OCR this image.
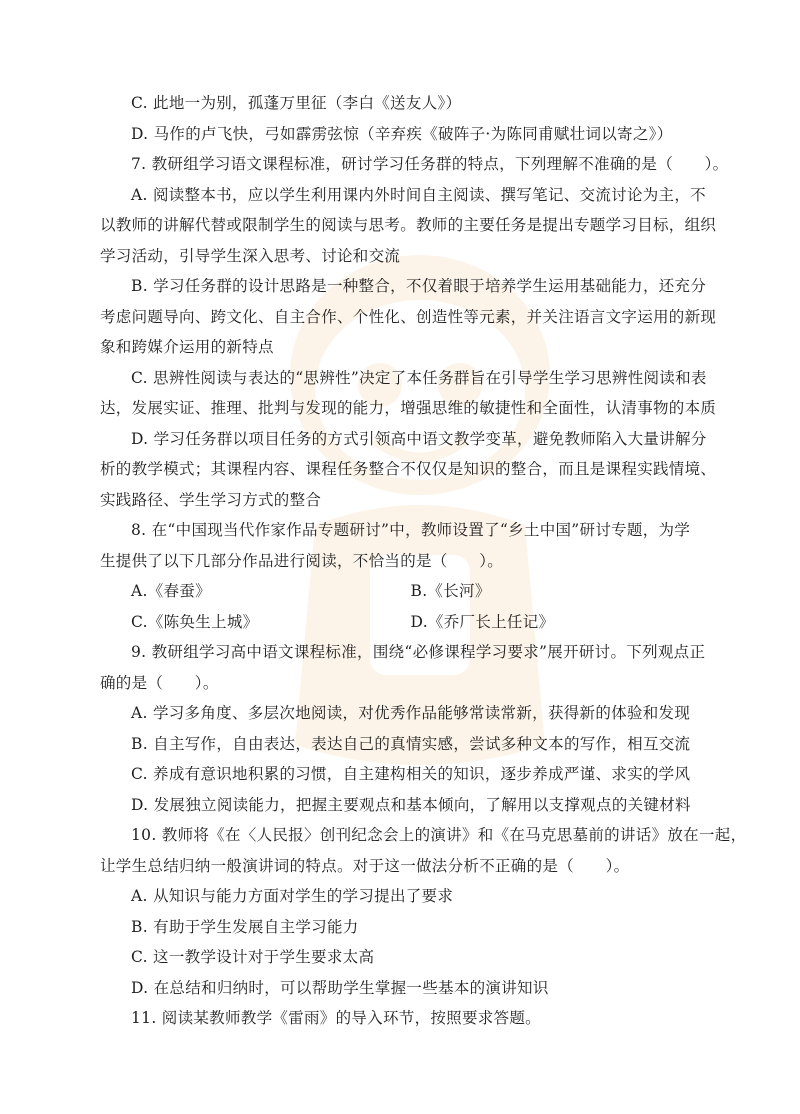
C. 此地一为别，孤蓬万里征（李白《送友人》）
D. 马作的卢飞快，弓如霹雳弦惊（辛弃疾《破阵子·为陈同甫赋壮词以寄之》）
7. 教研组学习语文课程标准，研讨学习任务群的特点，下列理解不准确的是（　　）。
A. 阅读整本书，应以学生利用课内外时间自主阅读、撰写笔记、交流讨论为主，不
以教师的讲解代替或限制学生的阅读与思考。教师的主要任务是提出专题学习目标，组织
学习活动，引导学生深入思考、讨论和交流
B. 学习任务群的设计思路是一种整合，不仅着眼于培养学生运用基础能力，还充分
考虑问题导向、跨文化、自主合作、个性化、创造性等元素，并关注语言文字运用的新现
象和跨媒介运用的新特点
C. 思辨性阅读与表达的“思辨性”决定了本任务群旨在引导学生学习思辨性阅读和表
达，发展实证、推理、批判与发现的能力，增强思维的敏捷性和全面性，认清事物的本质
D. 学习任务群以项目任务的方式引领高中语文教学变革，避免教师陷入大量讲解分
析的教学模式；其课程内容、课程任务整合不仅仅是知识的整合，而且是课程实践情境、
实践路径、学生学习方式的整合
8. 在“中国现当代作家作品专题研讨”中，教师设置了“乡土中国”研讨专题，为学
生提供了以下几部分作品进行阅读，不恰当的是（　　）。
A.《春蚕》	B.《长河》
C.《陈奂生上城》	D.《乔厂长上任记》
9. 教研组学习高中语文课程标准，围绕“必修课程学习要求”展开研讨。下列观点正
确的是（　　）。
A. 学习多角度、多层次地阅读，对优秀作品能够常读常新，获得新的体验和发现
B. 自主写作，自由表达，表达自己的真情实感，尝试多种文本的写作，相互交流
C. 养成有意识地积累的习惯，自主建构相关的知识，逐步养成严谨、求实的学风
D. 发展独立阅读能力，把握主要观点和基本倾向，了解用以支撑观点的关键材料
10. 教师将《在〈人民报〉创刊纪念会上的演讲》和《在马克思墓前的讲话》放在一起，
让学生总结归纳一般演讲词的特点。对于这一做法分析不正确的是（　　）。
A. 从知识与能力方面对学生的学习提出了要求
B. 有助于学生发展自主学习能力
C. 这一教学设计对于学生要求太高
D. 在总结和归纳时，可以帮助学生掌握一些基本的演讲知识
11. 阅读某教师教学《雷雨》的导入环节，按照要求答题。
